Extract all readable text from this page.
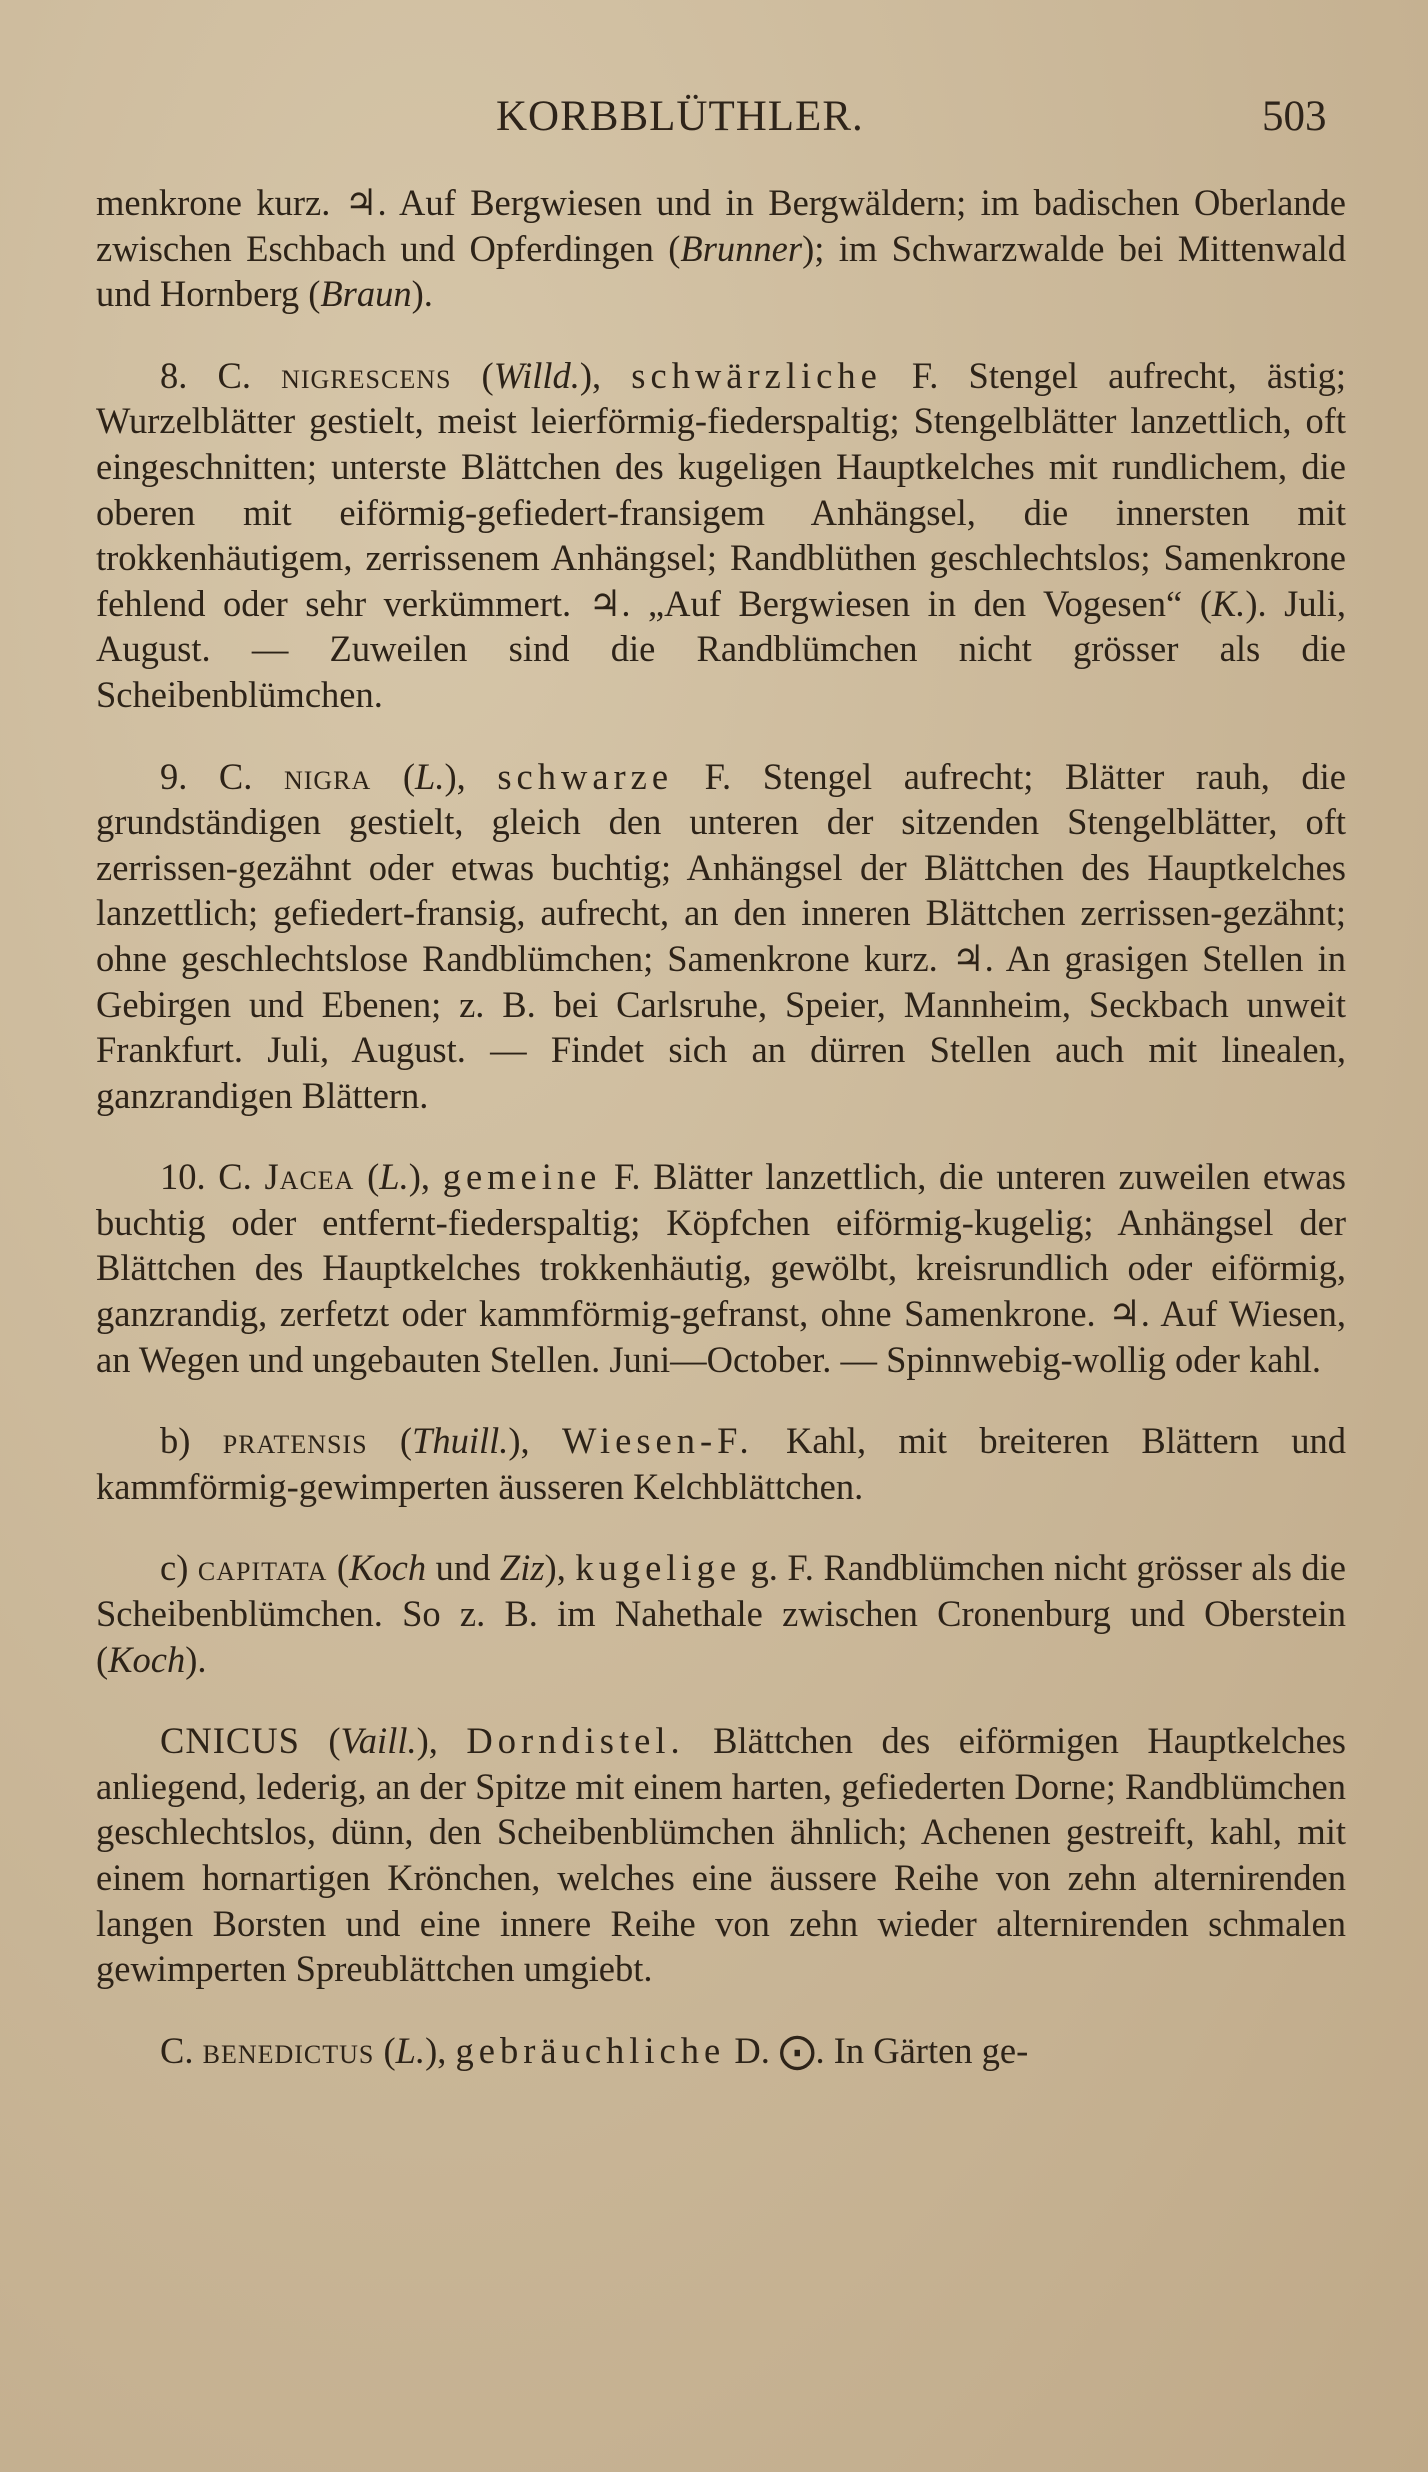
KORBBLÜTHLER.	503

menkrone kurz. ♃. Auf Bergwiesen und in Bergwäldern; im badischen Oberlande zwischen Eschbach und Opferdingen (Brunner); im Schwarzwalde bei Mittenwald und Hornberg (Braun).

8. C. nigrescens (Willd.), schwärzliche F. Stengel aufrecht, ästig; Wurzelblätter gestielt, meist leierförmig-fiederspaltig; Stengelblätter lanzettlich, oft eingeschnitten; unterste Blättchen des kugeligen Hauptkelches mit rundlichem, die oberen mit eiförmig-gefiedert-fransigem Anhängsel, die innersten mit trokkenhäutigem, zerrissenem Anhängsel; Randblüthen geschlechtslos; Samenkrone fehlend oder sehr verkümmert. ♃. „Auf Bergwiesen in den Vogesen“ (K.). Juli, August. — Zuweilen sind die Randblümchen nicht grösser als die Scheibenblümchen.

9. C. nigra (L.), schwarze F. Stengel aufrecht; Blätter rauh, die grundständigen gestielt, gleich den unteren der sitzenden Stengelblätter, oft zerrissen-gezähnt oder etwas buchtig; Anhängsel der Blättchen des Hauptkelches lanzettlich; gefiedert-fransig, aufrecht, an den inneren Blättchen zerrissen-gezähnt; ohne geschlechtslose Randblümchen; Samenkrone kurz. ♃. An grasigen Stellen in Gebirgen und Ebenen; z. B. bei Carlsruhe, Speier, Mannheim, Seckbach unweit Frankfurt. Juli, August. — Findet sich an dürren Stellen auch mit linealen, ganzrandigen Blättern.

10. C. Jacea (L.), gemeine F. Blätter lanzettlich, die unteren zuweilen etwas buchtig oder entfernt-fiederspaltig; Köpfchen eiförmig-kugelig; Anhängsel der Blättchen des Hauptkelches trokkenhäutig, gewölbt, kreisrundlich oder eiförmig, ganzrandig, zerfetzt oder kammförmig-gefranst, ohne Samenkrone. ♃. Auf Wiesen, an Wegen und ungebauten Stellen. Juni—October. — Spinnwebig-wollig oder kahl.

b) pratensis (Thuill.), Wiesen-F. Kahl, mit breiteren Blättern und kammförmig-gewimperten äusseren Kelchblättchen.

c) capitata (Koch und Ziz), kugelige g. F. Randblümchen nicht grösser als die Scheibenblümchen. So z. B. im Nahethale zwischen Cronenburg und Oberstein (Koch).

CNICUS (Vaill.), Dorndistel. Blättchen des eiförmigen Hauptkelches anliegend, lederig, an der Spitze mit einem harten, gefiederten Dorne; Randblümchen geschlechtslos, dünn, den Scheibenblümchen ähnlich; Achenen gestreift, kahl, mit einem hornartigen Krönchen, welches eine äussere Reihe von zehn alternirenden langen Borsten und eine innere Reihe von zehn wieder alternirenden schmalen gewimperten Spreublättchen umgiebt.

C. benedictus (L.), gebräuchliche D. ⨀. In Gärten ge-
